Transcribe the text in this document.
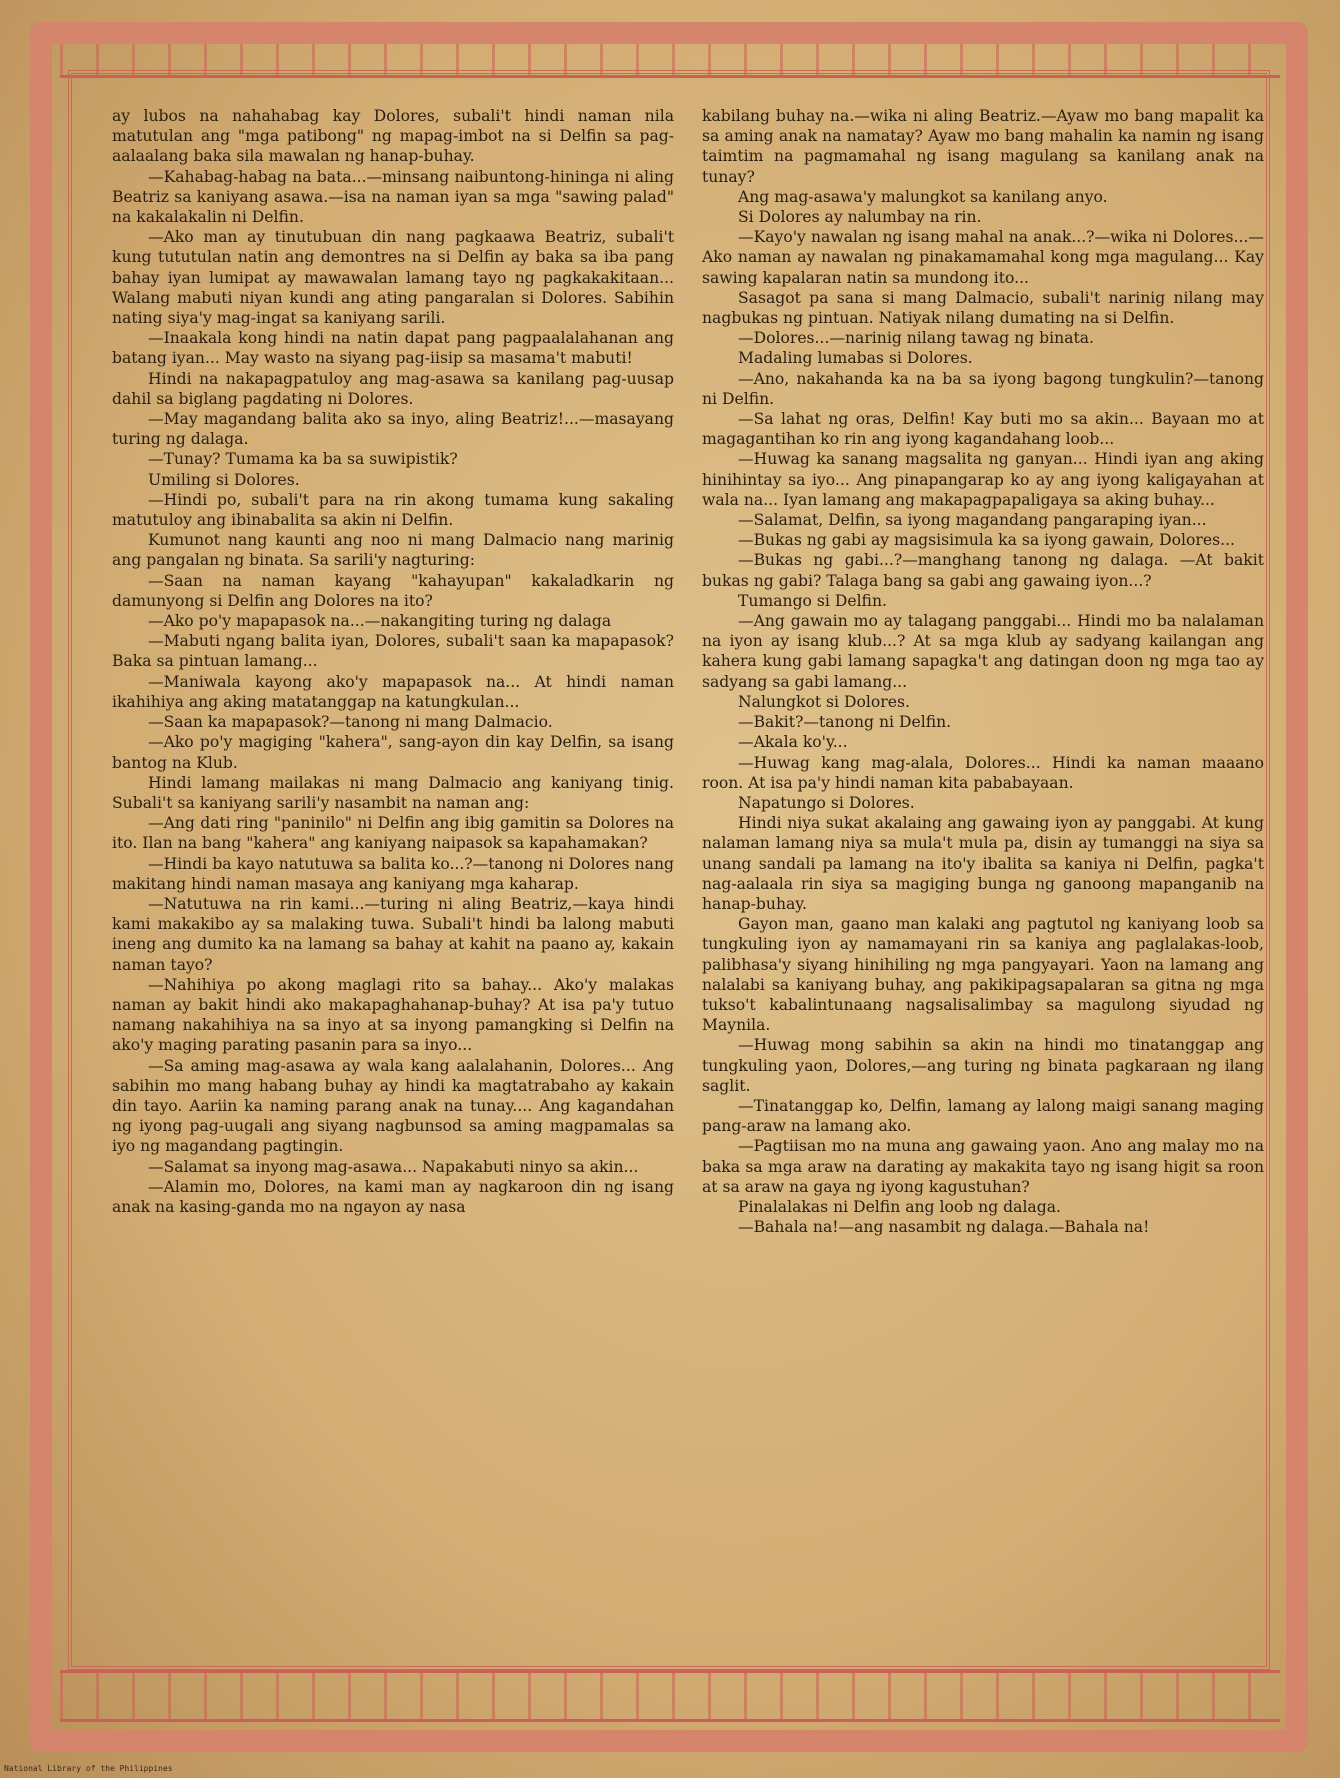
ay lubos na nahahabag kay Dolores, subali't hindi naman nila matutulan ang "mga patibong" ng mapag-imbot na si Delfin sa pag-aalaalang baka sila mawalan ng hanap-buhay.

—Kahabag-habag na bata...—minsang naibuntong-hininga ni aling Beatriz sa kaniyang asawa.—isa na naman iyan sa mga "sawing palad" na kakalakalin ni Delfin.

—Ako man ay tinutubuan din nang pagkaawa Beatriz, subali't kung tututulan natin ang demontres na si Delfin ay baka sa iba pang bahay iyan lumipat ay mawawalan lamang tayo ng pagkakakitaan... Walang mabuti niyan kundi ang ating pangaralan si Dolores. Sabihin nating siya'y mag-ingat sa kaniyang sarili.

—Inaakala kong hindi na natin dapat pang pagpaalalahanan ang batang iyan... May wasto na siyang pag-iisip sa masama't mabuti!

Hindi na nakapagpatuloy ang mag-asawa sa kanilang pag-uusap dahil sa biglang pagdating ni Dolores.

—May magandang balita ako sa inyo, aling Beatriz!...—masayang turing ng dalaga.

—Tunay? Tumama ka ba sa suwipistik?

Umiling si Dolores.

—Hindi po, subali't para na rin akong tumama kung sakaling matutuloy ang ibinabalita sa akin ni Delfin.

Kumunot nang kaunti ang noo ni mang Dalmacio nang marinig ang pangalan ng binata. Sa sarili'y nagturing:

—Saan na naman kayang "kahayupan" kakaladkarin ng damunyong si Delfin ang Dolores na ito?

—Ako po'y mapapasok na...—nakangiting turing ng dalaga

—Mabuti ngang balita iyan, Dolores, subali't saan ka mapapasok? Baka sa pintuan lamang...

—Maniwala kayong ako'y mapapasok na... At hindi naman ikahihiya ang aking matatanggap na katungkulan...

—Saan ka mapapasok?—tanong ni mang Dalmacio.

—Ako po'y magiging "kahera", sang-ayon din kay Delfin, sa isang bantog na Klub.

Hindi lamang mailakas ni mang Dalmacio ang kaniyang tinig. Subali't sa kaniyang sarili'y nasambit na naman ang:

—Ang dati ring "paninilo" ni Delfin ang ibig gamitin sa Dolores na ito. Ilan na bang "kahera" ang kaniyang naipasok sa kapahamakan?

—Hindi ba kayo natutuwa sa balita ko...?—tanong ni Dolores nang makitang hindi naman masaya ang kaniyang mga kaharap.

—Natutuwa na rin kami...—turing ni aling Beatriz,—kaya hindi kami makakibo ay sa malaking tuwa. Subali't hindi ba lalong mabuti ineng ang dumito ka na lamang sa bahay at kahit na paano ay, kakain naman tayo?

—Nahihiya po akong maglagi rito sa bahay... Ako'y malakas naman ay bakit hindi ako makapaghahanap-buhay? At isa pa'y tutuo namang nakahihiya na sa inyo at sa inyong pamangking si Delfin na ako'y maging parating pasanin para sa inyo...

—Sa aming mag-asawa ay wala kang aalalahanin, Dolores... Ang sabihin mo mang habang buhay ay hindi ka magtatrabaho ay kakain din tayo. Aariin ka naming parang anak na tunay.... Ang kagandahan ng iyong pag-uugali ang siyang nagbunsod sa aming magpamalas sa iyo ng magandang pagtingin.

—Salamat sa inyong mag-asawa... Napakabuti ninyo sa akin...

—Alamin mo, Dolores, na kami man ay nagkaroon din ng isang anak na kasing-ganda mo na ngayon ay nasa

kabilang buhay na.—wika ni aling Beatriz.—Ayaw mo bang mapalit ka sa aming anak na namatay? Ayaw mo bang mahalin ka namin ng isang taimtim na pagmamahal ng isang magulang sa kanilang anak na tunay?

Ang mag-asawa'y malungkot sa kanilang anyo.

Si Dolores ay nalumbay na rin.

—Kayo'y nawalan ng isang mahal na anak...?—wika ni Dolores...—Ako naman ay nawalan ng pinakamamahal kong mga magulang... Kay sawing kapalaran natin sa mundong ito...

Sasagot pa sana si mang Dalmacio, subali't narinig nilang may nagbukas ng pintuan. Natiyak nilang dumating na si Delfin.

—Dolores...—narinig nilang tawag ng binata.

Madaling lumabas si Dolores.

—Ano, nakahanda ka na ba sa iyong bagong tungkulin?—tanong ni Delfin.

—Sa lahat ng oras, Delfin! Kay buti mo sa akin... Bayaan mo at magagantihan ko rin ang iyong kagandahang loob...

—Huwag ka sanang magsalita ng ganyan... Hindi iyan ang aking hinihintay sa iyo... Ang pinapangarap ko ay ang iyong kaligayahan at wala na... Iyan lamang ang makapagpapaligaya sa aking buhay...

—Salamat, Delfin, sa iyong magandang pangaraping iyan...

—Bukas ng gabi ay magsisimula ka sa iyong gawain, Dolores...

—Bukas ng gabi...?—manghang tanong ng dalaga. —At bakit bukas ng gabi? Talaga bang sa gabi ang gawaing iyon...?

Tumango si Delfin.

—Ang gawain mo ay talagang panggabi... Hindi mo ba nalalaman na iyon ay isang klub...? At sa mga klub ay sadyang kailangan ang kahera kung gabi lamang sapagka't ang datingan doon ng mga tao ay sadyang sa gabi lamang...

Nalungkot si Dolores.

—Bakit?—tanong ni Delfin.

—Akala ko'y...

—Huwag kang mag-alala, Dolores... Hindi ka naman maaano roon. At isa pa'y hindi naman kita pababayaan.

Napatungo si Dolores.

Hindi niya sukat akalaing ang gawaing iyon ay panggabi. At kung nalaman lamang niya sa mula't mula pa, disin ay tumanggi na siya sa unang sandali pa lamang na ito'y ibalita sa kaniya ni Delfin, pagka't nag-aalaala rin siya sa magiging bunga ng ganoong mapanganib na hanap-buhay.

Gayon man, gaano man kalaki ang pagtutol ng kaniyang loob sa tungkuling iyon ay namamayani rin sa kaniya ang paglalakas-loob, palibhasa'y siyang hinihiling ng mga pangyayari. Yaon na lamang ang nalalabi sa kaniyang buhay, ang pakikipagsapalaran sa gitna ng mga tukso't kabalintunaang nagsalisalimbay sa magulong siyudad ng Maynila.

—Huwag mong sabihin sa akin na hindi mo tinatanggap ang tungkuling yaon, Dolores,—ang turing ng binata pagkaraan ng ilang saglit.

—Tinatanggap ko, Delfin, lamang ay lalong maigi sanang maging pang-araw na lamang ako.

—Pagtiisan mo na muna ang gawaing yaon. Ano ang malay mo na baka sa mga araw na darating ay makakita tayo ng isang higit sa roon at sa araw na gaya ng iyong kagustuhan?

Pinalalakas ni Delfin ang loob ng dalaga.

—Bahala na!—ang nasambit ng dalaga.—Bahala na!

National Library of the Philippines
